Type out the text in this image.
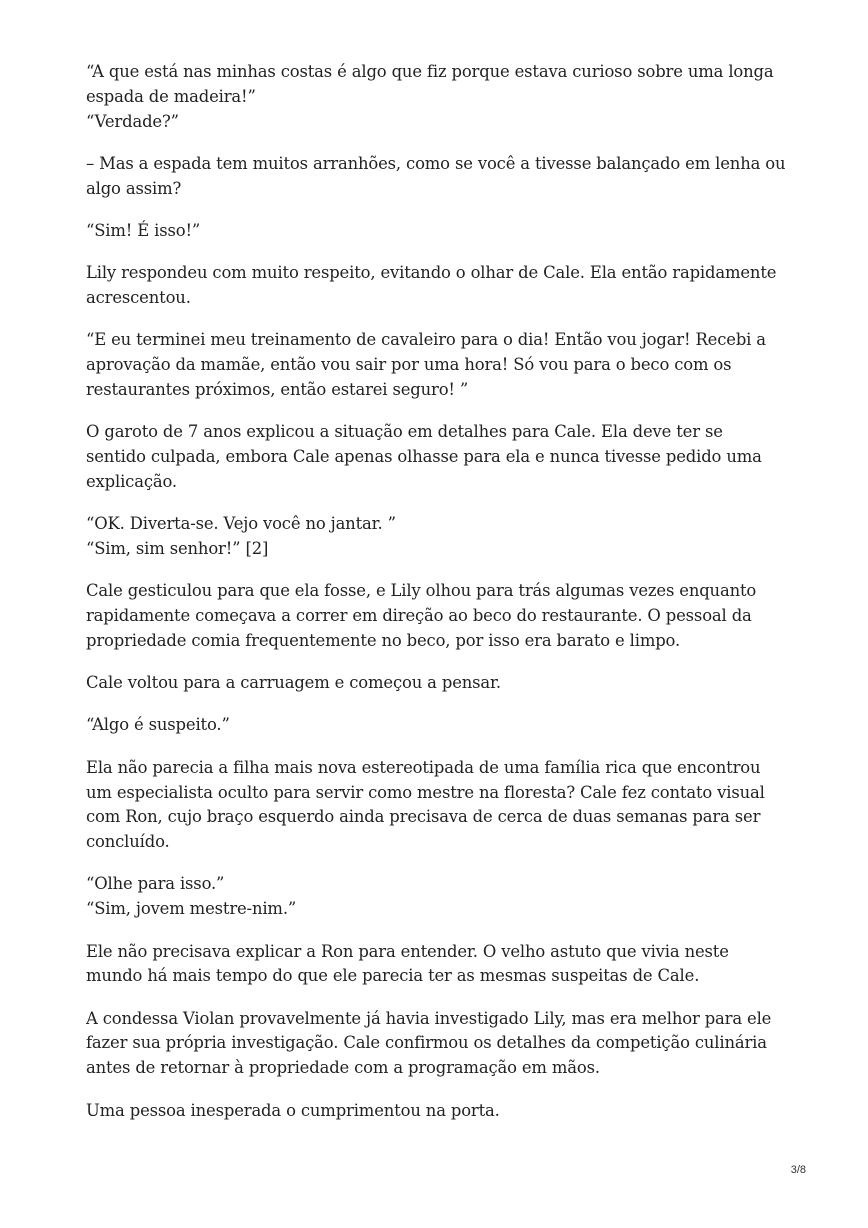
“A que está nas minhas costas é algo que fiz porque estava curioso sobre uma longa espada de madeira!”
“Verdade?”

– Mas a espada tem muitos arranhões, como se você a tivesse balançado em lenha ou algo assim?

“Sim! É isso!”

Lily respondeu com muito respeito, evitando o olhar de Cale. Ela então rapidamente acrescentou.

“E eu terminei meu treinamento de cavaleiro para o dia! Então vou jogar! Recebi a aprovação da mamãe, então vou sair por uma hora! Só vou para o beco com os restaurantes próximos, então estarei seguro! ”

O garoto de 7 anos explicou a situação em detalhes para Cale. Ela deve ter se sentido culpada, embora Cale apenas olhasse para ela e nunca tivesse pedido uma explicação.

“OK. Diverta-se. Vejo você no jantar. ”
“Sim, sim senhor!” [2]

Cale gesticulou para que ela fosse, e Lily olhou para trás algumas vezes enquanto rapidamente começava a correr em direção ao beco do restaurante. O pessoal da propriedade comia frequentemente no beco, por isso era barato e limpo.

Cale voltou para a carruagem e começou a pensar.

“Algo é suspeito.”

Ela não parecia a filha mais nova estereotipada de uma família rica que encontrou um especialista oculto para servir como mestre na floresta? Cale fez contato visual com Ron, cujo braço esquerdo ainda precisava de cerca de duas semanas para ser concluído.

“Olhe para isso.”
“Sim, jovem mestre-nim.”

Ele não precisava explicar a Ron para entender. O velho astuto que vivia neste mundo há mais tempo do que ele parecia ter as mesmas suspeitas de Cale.

A condessa Violan provavelmente já havia investigado Lily, mas era melhor para ele fazer sua própria investigação. Cale confirmou os detalhes da competição culinária antes de retornar à propriedade com a programação em mãos.

Uma pessoa inesperada o cumprimentou na porta.

3/8
